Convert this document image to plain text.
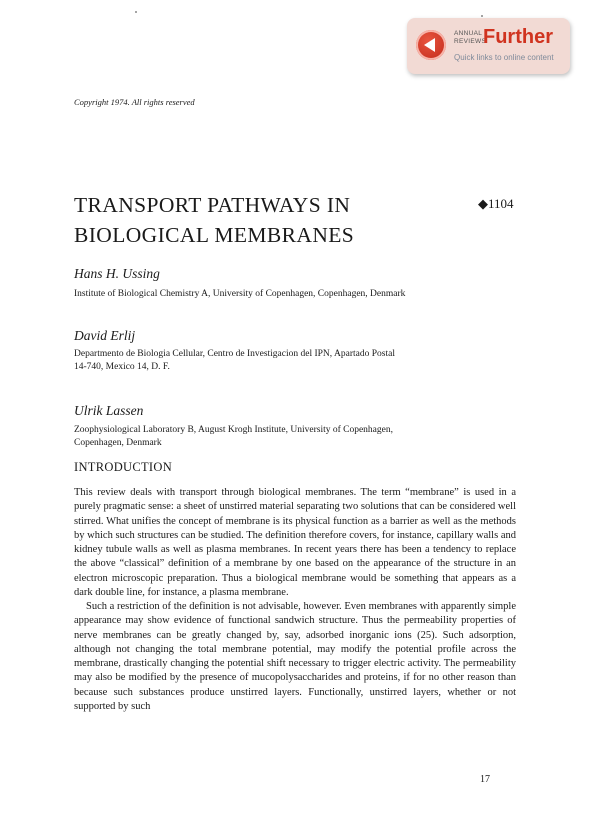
ANNUAL
REVIEWS
Further
Quick links to online content
Copyright 1974. All rights reserved
TRANSPORT PATHWAYS IN
BIOLOGICAL MEMBRANES
◆1104
Hans H. Ussing
Institute of Biological Chemistry A, University of Copenhagen, Copenhagen, Denmark
David Erlij
Departmento de Biologia Cellular, Centro de Investigacion del IPN, Apartado Postal
14-740, Mexico 14, D. F.
Ulrik Lassen
Zoophysiological Laboratory B, August Krogh Institute, University of Copenhagen,
Copenhagen, Denmark
INTRODUCTION

This review deals with transport through biological membranes. The term “membrane” is used in a purely pragmatic sense: a sheet of unstirred material separating two solutions that can be considered well stirred. What unifies the concept of membrane is its physical function as a barrier as well as the methods by which such structures can be studied. The definition therefore covers, for instance, capillary walls and kidney tubule walls as well as plasma membranes. In recent years there has been a tendency to replace the above “classical” definition of a membrane by one based on the appearance of the structure in an electron microscopic preparation. Thus a biological membrane would be something that appears as a dark double line, for instance, a plasma membrane.

Such a restriction of the definition is not advisable, however. Even membranes with apparently simple appearance may show evidence of functional sandwich structure. Thus the permeability properties of nerve membranes can be greatly changed by, say, adsorbed inorganic ions (25). Such adsorption, although not changing the total membrane potential, may modify the potential profile across the membrane, drastically changing the potential shift necessary to trigger electric activity. The permeability may also be modified by the presence of mucopolysaccharides and proteins, if for no other reason than because such substances produce unstirred layers. Functionally, unstirred layers, whether or not supported by such

17
